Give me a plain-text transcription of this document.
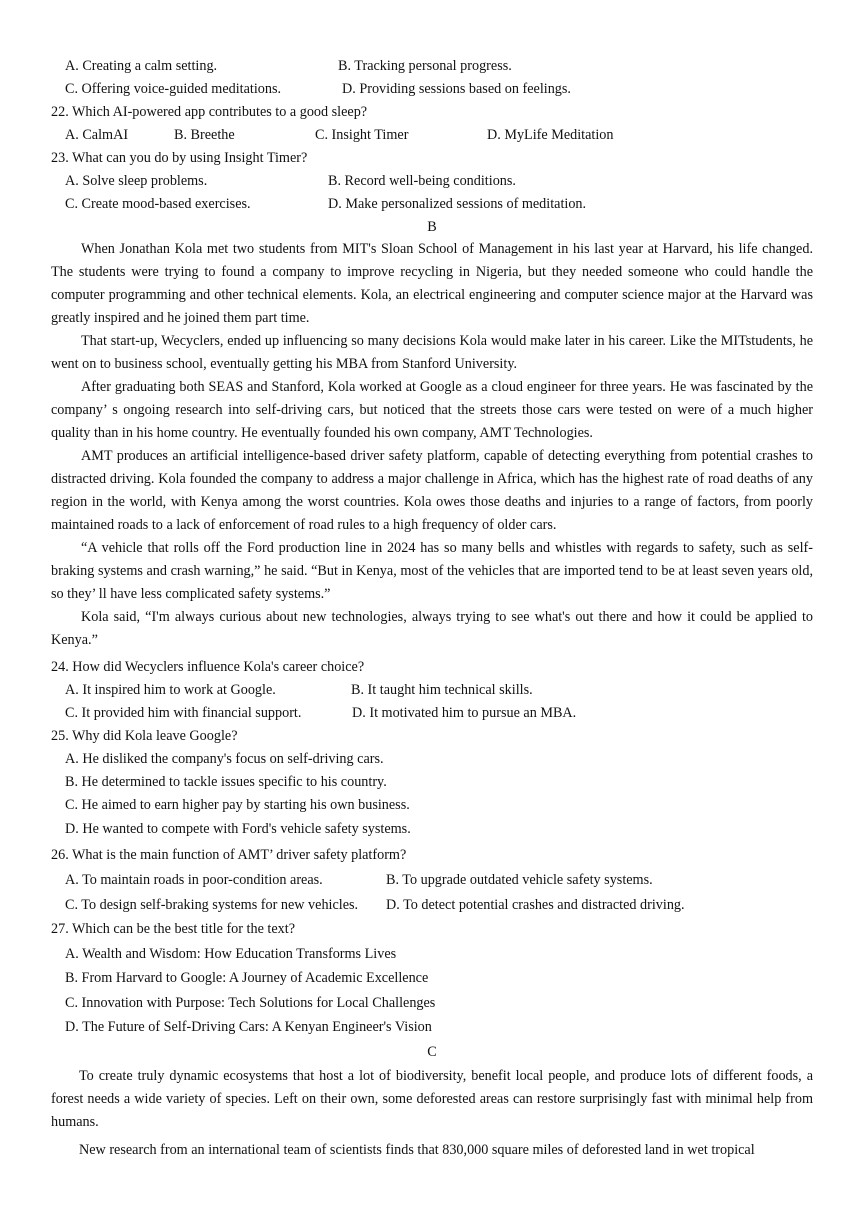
A. Creating a calm setting.	B. Tracking personal progress.
C. Offering voice-guided meditations.	D. Providing sessions based on feelings.
22. Which AI-powered app contributes to a good sleep?
A. CalmAI	B. Breethe	C. Insight Timer	D. MyLife Meditation
23. What can you do by using Insight Timer?
A. Solve sleep problems.	B. Record well-being conditions.
C. Create mood-based exercises.	D. Make personalized sessions of meditation.
B

When Jonathan Kola met two students from MIT's Sloan School of Management in his last year at Harvard, his life changed. The students were trying to found a company to improve recycling in Nigeria, but they needed someone who could handle the computer programming and other technical elements. Kola, an electrical engineering and computer science major at the Harvard was greatly inspired and he joined them part time.

That start-up, Wecyclers, ended up influencing so many decisions Kola would make later in his career. Like the MITstudents, he went on to business school, eventually getting his MBA from Stanford University.

After graduating both SEAS and Stanford, Kola worked at Google as a cloud engineer for three years. He was fascinated by the company’ s ongoing research into self-driving cars, but noticed that the streets those cars were tested on were of a much higher quality than in his home country. He eventually founded his own company, AMT Technologies.

AMT produces an artificial intelligence-based driver safety platform, capable of detecting everything from potential crashes to distracted driving. Kola founded the company to address a major challenge in Africa, which has the highest rate of road deaths of any region in the world, with Kenya among the worst countries. Kola owes those deaths and injuries to a range of factors, from poorly maintained roads to a lack of enforcement of road rules to a high frequency of older cars.

“A vehicle that rolls off the Ford production line in 2024 has so many bells and whistles with regards to safety, such as self-braking systems and crash warning,” he said. “But in Kenya, most of the vehicles that are imported tend to be at least seven years old, so they’ ll have less complicated safety systems.”

Kola said, “I'm always curious about new technologies, always trying to see what's out there and how it could be applied to Kenya.”

24. How did Wecyclers influence Kola's career choice?
A. It inspired him to work at Google.	B. It taught him technical skills.
C. It provided him with financial support.	D. It motivated him to pursue an MBA.
25. Why did Kola leave Google?
A. He disliked the company's focus on self-driving cars.
B. He determined to tackle issues specific to his country.
C. He aimed to earn higher pay by starting his own business.
D. He wanted to compete with Ford's vehicle safety systems.
26. What is the main function of AMT’ driver safety platform?
A. To maintain roads in poor-condition areas.	B. To upgrade outdated vehicle safety systems.
C. To design self-braking systems for new vehicles. D. To detect potential crashes and distracted driving.
27. Which can be the best title for the text?
A. Wealth and Wisdom: How Education Transforms Lives
B. From Harvard to Google: A Journey of Academic Excellence
C. Innovation with Purpose: Tech Solutions for Local Challenges
D. The Future of Self-Driving Cars: A Kenyan Engineer's Vision
C

To create truly dynamic ecosystems that host a lot of biodiversity, benefit local people, and produce lots of different foods, a forest needs a wide variety of species. Left on their own, some deforested areas can restore surprisingly fast with minimal help from humans.

New research from an international team of scientists finds that 830,000 square miles of deforested land in wet tropical
